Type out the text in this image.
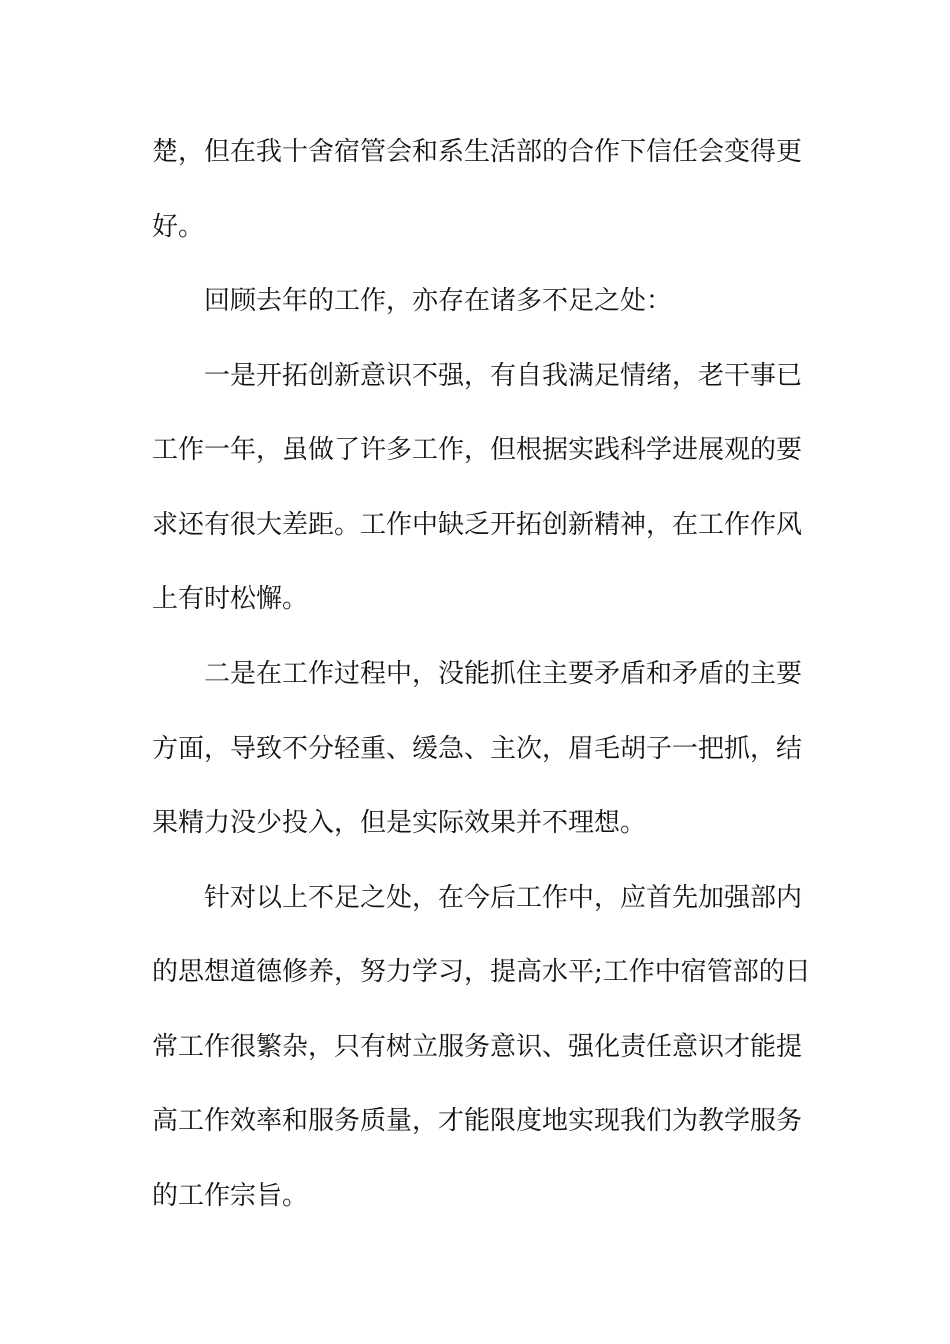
楚，但在我十舍宿管会和系生活部的合作下信任会变得更
好。
回顾去年的工作，亦存在诸多不足之处：
一是开拓创新意识不强，有自我满足情绪，老干事已
工作一年，虽做了许多工作，但根据实践科学进展观的要
求还有很大差距。工作中缺乏开拓创新精神，在工作作风
上有时松懈。
二是在工作过程中，没能抓住主要矛盾和矛盾的主要
方面，导致不分轻重、缓急、主次，眉毛胡子一把抓，结
果精力没少投入，但是实际效果并不理想。
针对以上不足之处，在今后工作中，应首先加强部内
的思想道德修养，努力学习，提高水平;工作中宿管部的日
常工作很繁杂，只有树立服务意识、强化责任意识才能提
高工作效率和服务质量，才能限度地实现我们为教学服务
的工作宗旨。
